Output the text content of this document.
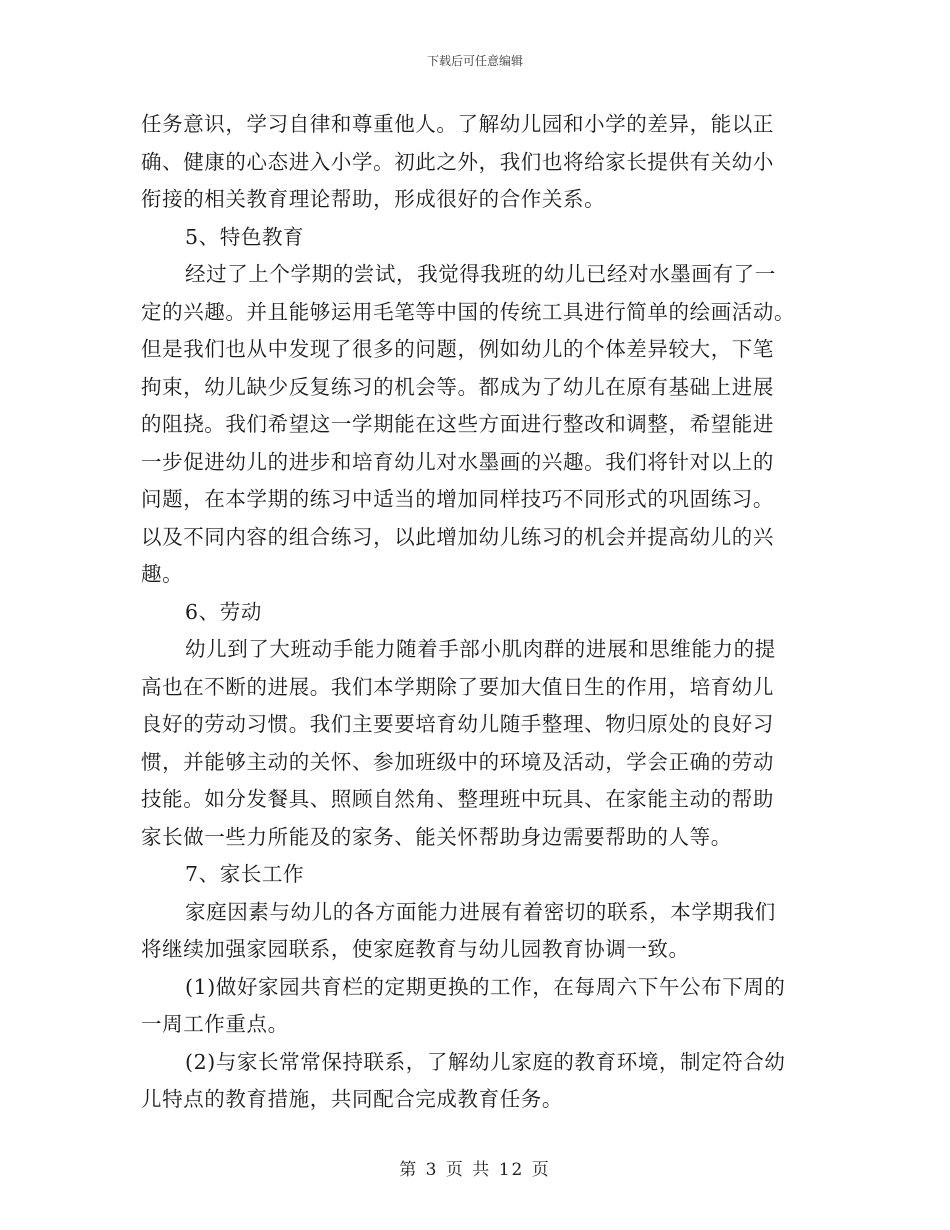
下载后可任意编辑

任务意识，学习自律和尊重他人。了解幼儿园和小学的差异，能以正
确、健康的心态进入小学。初此之外，我们也将给家长提供有关幼小
衔接的相关教育理论帮助，形成很好的合作关系。

5、特色教育

经过了上个学期的尝试，我觉得我班的幼儿已经对水墨画有了一
定的兴趣。并且能够运用毛笔等中国的传统工具进行简单的绘画活动。
但是我们也从中发现了很多的问题，例如幼儿的个体差异较大，下笔
拘束，幼儿缺少反复练习的机会等。都成为了幼儿在原有基础上进展
的阻挠。我们希望这一学期能在这些方面进行整改和调整，希望能进
一步促进幼儿的进步和培育幼儿对水墨画的兴趣。我们将针对以上的
问题，在本学期的练习中适当的增加同样技巧不同形式的巩固练习。
以及不同内容的组合练习，以此增加幼儿练习的机会并提高幼儿的兴
趣。

6、劳动

幼儿到了大班动手能力随着手部小肌肉群的进展和思维能力的提
高也在不断的进展。我们本学期除了要加大值日生的作用，培育幼儿
良好的劳动习惯。我们主要要培育幼儿随手整理、物归原处的良好习
惯，并能够主动的关怀、参加班级中的环境及活动，学会正确的劳动
技能。如分发餐具、照顾自然角、整理班中玩具、在家能主动的帮助
家长做一些力所能及的家务、能关怀帮助身边需要帮助的人等。

7、家长工作

家庭因素与幼儿的各方面能力进展有着密切的联系，本学期我们
将继续加强家园联系，使家庭教育与幼儿园教育协调一致。

(1)做好家园共育栏的定期更换的工作，在每周六下午公布下周的
一周工作重点。

(2)与家长常常保持联系，了解幼儿家庭的教育环境，制定符合幼
儿特点的教育措施，共同配合完成教育任务。

第 3 页 共 12 页
